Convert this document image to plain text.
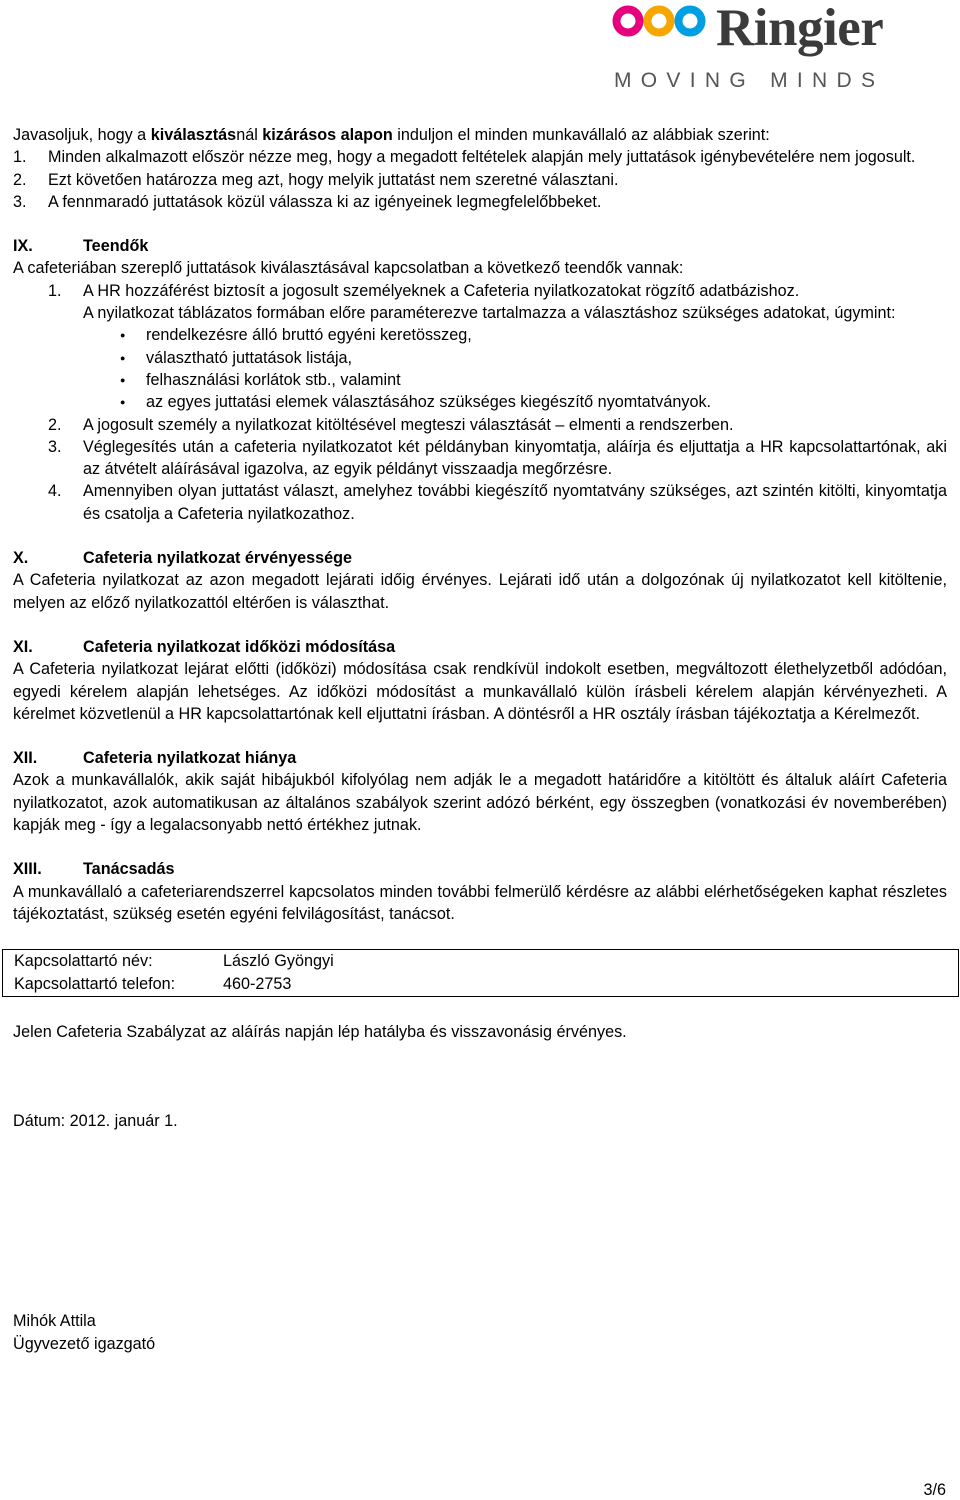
Ringier
MOVING MINDS

Javasoljuk, hogy a kiválasztásnál kizárásos alapon induljon el minden munkavállaló az alábbiak szerint:

1.	Minden alkalmazott először nézze meg, hogy a megadott feltételek alapján mely juttatások igénybevételére nem jogosult.
2.	Ezt követően határozza meg azt, hogy melyik juttatást nem szeretné választani.
3.	A fennmaradó juttatások közül válassza ki az igényeinek legmegfelelőbbeket.
IX.	Teendők

A cafeteriában szereplő juttatások kiválasztásával kapcsolatban a következő teendők vannak:

1.	A HR hozzáférést biztosít a jogosult személyeknek a Cafeteria nyilatkozatokat rögzítő adatbázishoz.
A nyilatkozat táblázatos formában előre paraméterezve tartalmazza a választáshoz szükséges adatokat, úgymint:
● rendelkezésre álló bruttó egyéni keretösszeg,
● választható juttatások listája,
● felhasználási korlátok stb., valamint
● az egyes juttatási elemek választásához szükséges kiegészítő nyomtatványok.
2.	A jogosult személy a nyilatkozat kitöltésével megteszi választását – elmenti a rendszerben.
3.	Véglegesítés után a cafeteria nyilatkozatot két példányban kinyomtatja, aláírja és eljuttatja a HR kapcsolattartónak, aki az átvételt aláírásával igazolva, az egyik példányt visszaadja megőrzésre.
4.	Amennyiben olyan juttatást választ, amelyhez további kiegészítő nyomtatvány szükséges, azt szintén kitölti, kinyomtatja és csatolja a Cafeteria nyilatkozathoz.
X.	Cafeteria nyilatkozat érvényessége

A Cafeteria nyilatkozat az azon megadott lejárati időig érvényes. Lejárati idő után a dolgozónak új nyilatkozatot kell kitöltenie, melyen az előző nyilatkozattól eltérően is választhat.

XI.	Cafeteria nyilatkozat időközi módosítása

A Cafeteria nyilatkozat lejárat előtti (időközi) módosítása csak rendkívül indokolt esetben, megváltozott élethelyzetből adódóan, egyedi kérelem alapján lehetséges. Az időközi módosítást a munkavállaló külön írásbeli kérelem alapján kérvényezheti. A kérelmet közvetlenül a HR kapcsolattartónak kell eljuttatni írásban. A döntésről a HR osztály írásban tájékoztatja a Kérelmezőt.

XII.	Cafeteria nyilatkozat hiánya

Azok a munkavállalók, akik saját hibájukból kifolyólag nem adják le a megadott határidőre a kitöltött és általuk aláírt Cafeteria nyilatkozatot, azok automatikusan az általános szabályok szerint adózó bérként, egy összegben (vonatkozási év novemberében) kapják meg - így a legalacsonyabb nettó értékhez jutnak.

XIII.	Tanácsadás

A munkavállaló a cafeteriarendszerrel kapcsolatos minden további felmerülő kérdésre az alábbi elérhetőségeken kaphat részletes tájékoztatást, szükség esetén egyéni felvilágosítást, tanácsot.

Kapcsolattartó név:	László Gyöngyi
Kapcsolattartó telefon:	460-2753

Jelen Cafeteria Szabályzat az aláírás napján lép hatályba és visszavonásig érvényes.

Dátum: 2012. január 1.

Mihók Attila

Ügyvezető igazgató

3/6
